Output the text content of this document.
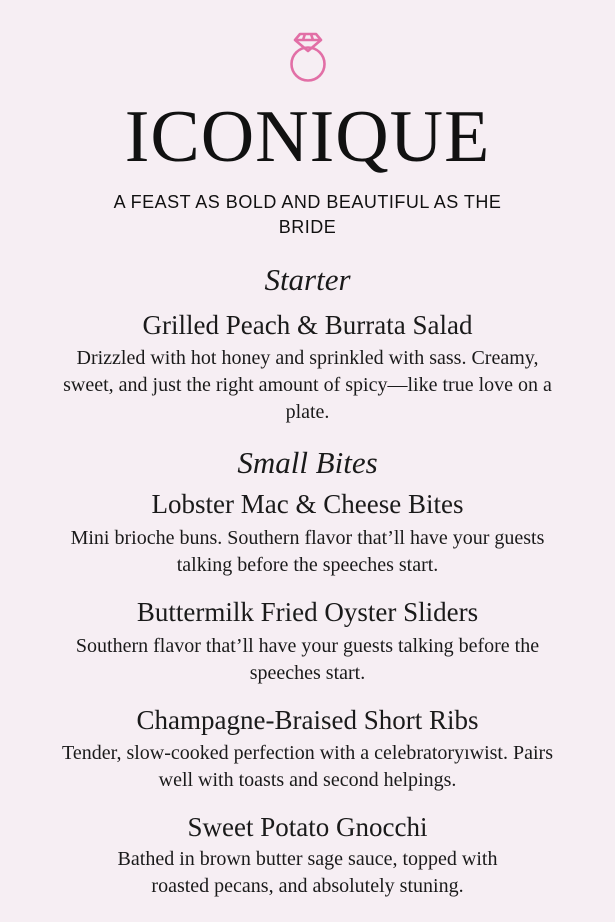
ICONIQUE
A FEAST AS BOLD AND BEAUTIFUL AS THE BRIDE
Starter
Grilled Peach & Burrata Salad
Drizzled with hot honey and sprinkled with sass. Creamy, sweet, and just the right amount of spicy—like true love on a plate.
Small Bites
Lobster Mac & Cheese Bites
Mini brioche buns. Southern flavor that’ll have your guests talking before the speeches start.
Buttermilk Fried Oyster Sliders
Southern flavor that’ll have your guests talking before the speeches start.
Champagne-Braised Short Ribs
Tender, slow-cooked perfection with a celebratoryıwist. Pairs well with toasts and second helpings.
Sweet Potato Gnocchi
Bathed in brown butter sage sauce, topped with roasted pecans, and absolutely stuning.
